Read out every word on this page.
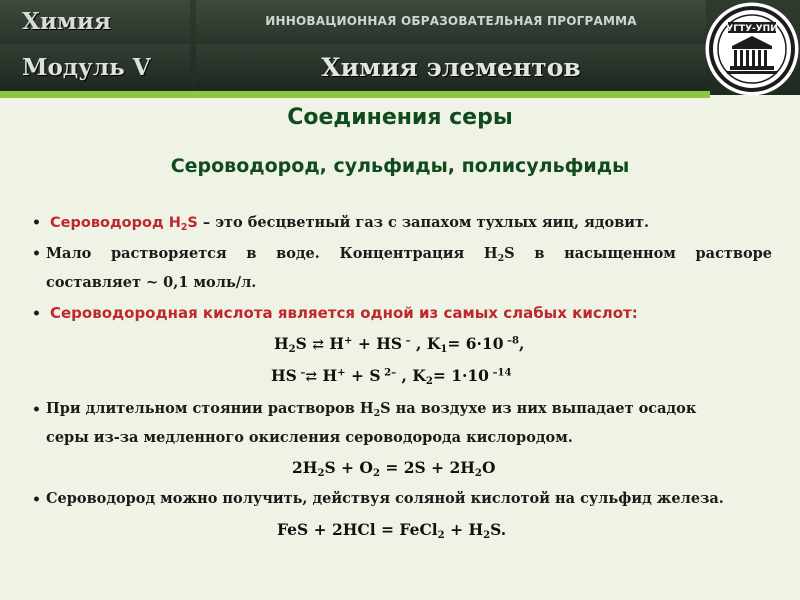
Химия	ИННОВАЦИОННАЯ ОБРАЗОВАТЕЛЬНАЯ ПРОГРАММА
Модуль V	Химия элементов
УГТУ-УПИ
Соединения серы
Сероводород, сульфиды, полисульфиды
• Сероводород $H_2S$ – это бесцветный газ с запахом тухлых яиц, ядовит.
• Мало растворяется в воде. Концентрация $H_2S$ в насыщенном растворе
составляет ~ 0,1 моль/л.
• Сероводородная кислота является одной из самых слабых кислот:
$H_2S$ ⇄ H+ + HS – , $K_1= 6\cdot 10$ $^{-8}$,
HS –⇄ H+ + S $^{2-}$ , $K_2= 1\cdot 10$ $^{-14}$
• При длительном стоянии растворов $H_2S$ на воздухе из них выпадает осадок
серы из-за медленного окисления сероводорода кислородом.
$2H_2S + O_2 = 2S + 2H_2O$
• Сероводород можно получить, действуя соляной кислотой на сульфид железа.
FeS + 2HCl = FeCl$_2$ + $H_2S$.
